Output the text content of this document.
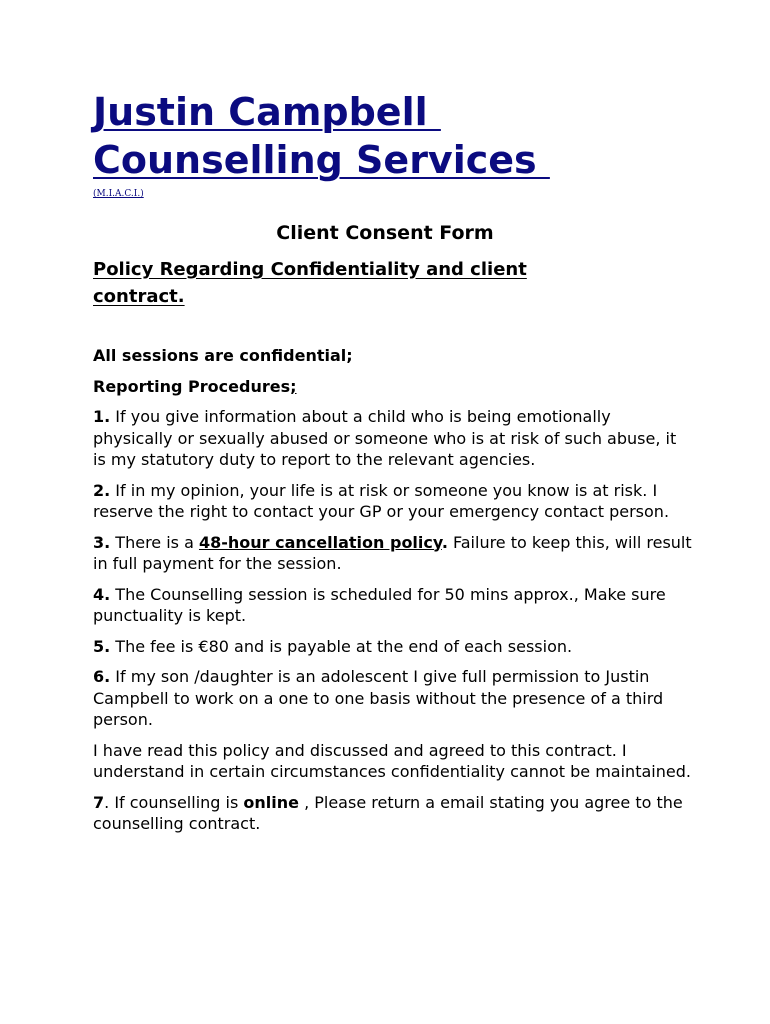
Justin Campbell
Counselling Services
(M.I.A.C.I.)
Client Consent Form
Policy Regarding Confidentiality and client
contract.

All sessions are confidential;

Reporting Procedures;

1. If you give information about a child who is being emotionally physically or sexually abused or someone who is at risk of such abuse, it is my statutory duty to report to the relevant agencies.

2. If in my opinion, your life is at risk or someone you know is at risk. I reserve the right to contact your GP or your emergency contact person.

3. There is a 48-hour cancellation policy. Failure to keep this, will result in full payment for the session.

4. The Counselling session is scheduled for 50 mins approx., Make sure punctuality is kept.

5. The fee is €80 and is payable at the end of each session.

6. If my son /daughter is an adolescent I give full permission to Justin Campbell to work on a one to one basis without the presence of a third person.

I have read this policy and discussed and agreed to this contract. I understand in certain circumstances confidentiality cannot be maintained.

7. If counselling is online , Please return a email stating you agree to the counselling contract.
